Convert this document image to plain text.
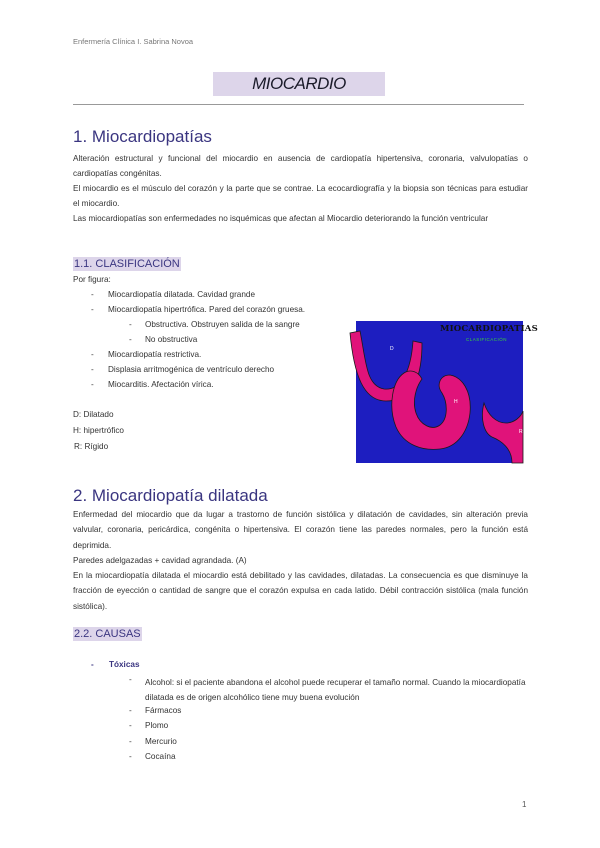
Enfermería Clínica I. Sabrina Novoa
MIOCARDIO
1. Miocardiopatías

Alteración estructural y funcional del miocardio en ausencia de cardiopatía hipertensiva, coronaria, valvulopatías o cardiopatías congénitas.

El miocardio es el músculo del corazón y la parte que se contrae. La ecocardiografía y la biopsia son técnicas para estudiar el miocardio.

Las miocardiopatías son enfermedades no isquémicas que afectan al Miocardio deteriorando la función ventricular

1.1. CLASIFICACIÓN
Por figura:
- Miocardiopatía dilatada. Cavidad grande
- Miocardiopatía hipertrófica. Pared del corazón gruesa.
- Obstructiva. Obstruyen salida de la sangre
- No obstructiva
- Miocardiopatía restrictiva.
- Displasia arritmogénica de ventrículo derecho
- Miocarditis. Afectación vírica.
D: Dilatado
H: hipertrófico
R: Rígido
MIOCARDIOPATIAS
CLASIFICACIÓN
D
H
R
2. Miocardiopatía dilatada

Enfermedad del miocardio que da lugar a trastorno de función sistólica y dilatación de cavidades, sin alteración previa valvular, coronaria, pericárdica, congénita o hipertensiva. El corazón tiene las paredes normales, pero la función está deprimida.

Paredes adelgazadas + cavidad agrandada. (A)

En la miocardiopatía dilatada el miocardio está debilitado y las cavidades, dilatadas. La consecuencia es que disminuye la fracción de eyección o cantidad de sangre que el corazón expulsa en cada latido. Débil contracción sistólica (mala función sistólica).

2.2. CAUSAS
- Tóxicas
- Alcohol: si el paciente abandona el alcohol puede recuperar el tamaño normal. Cuando la miocardiopatía dilatada es de origen alcohólico tiene muy buena evolución

- Fármacos
- Plomo
- Mercurio
- Cocaína
1
